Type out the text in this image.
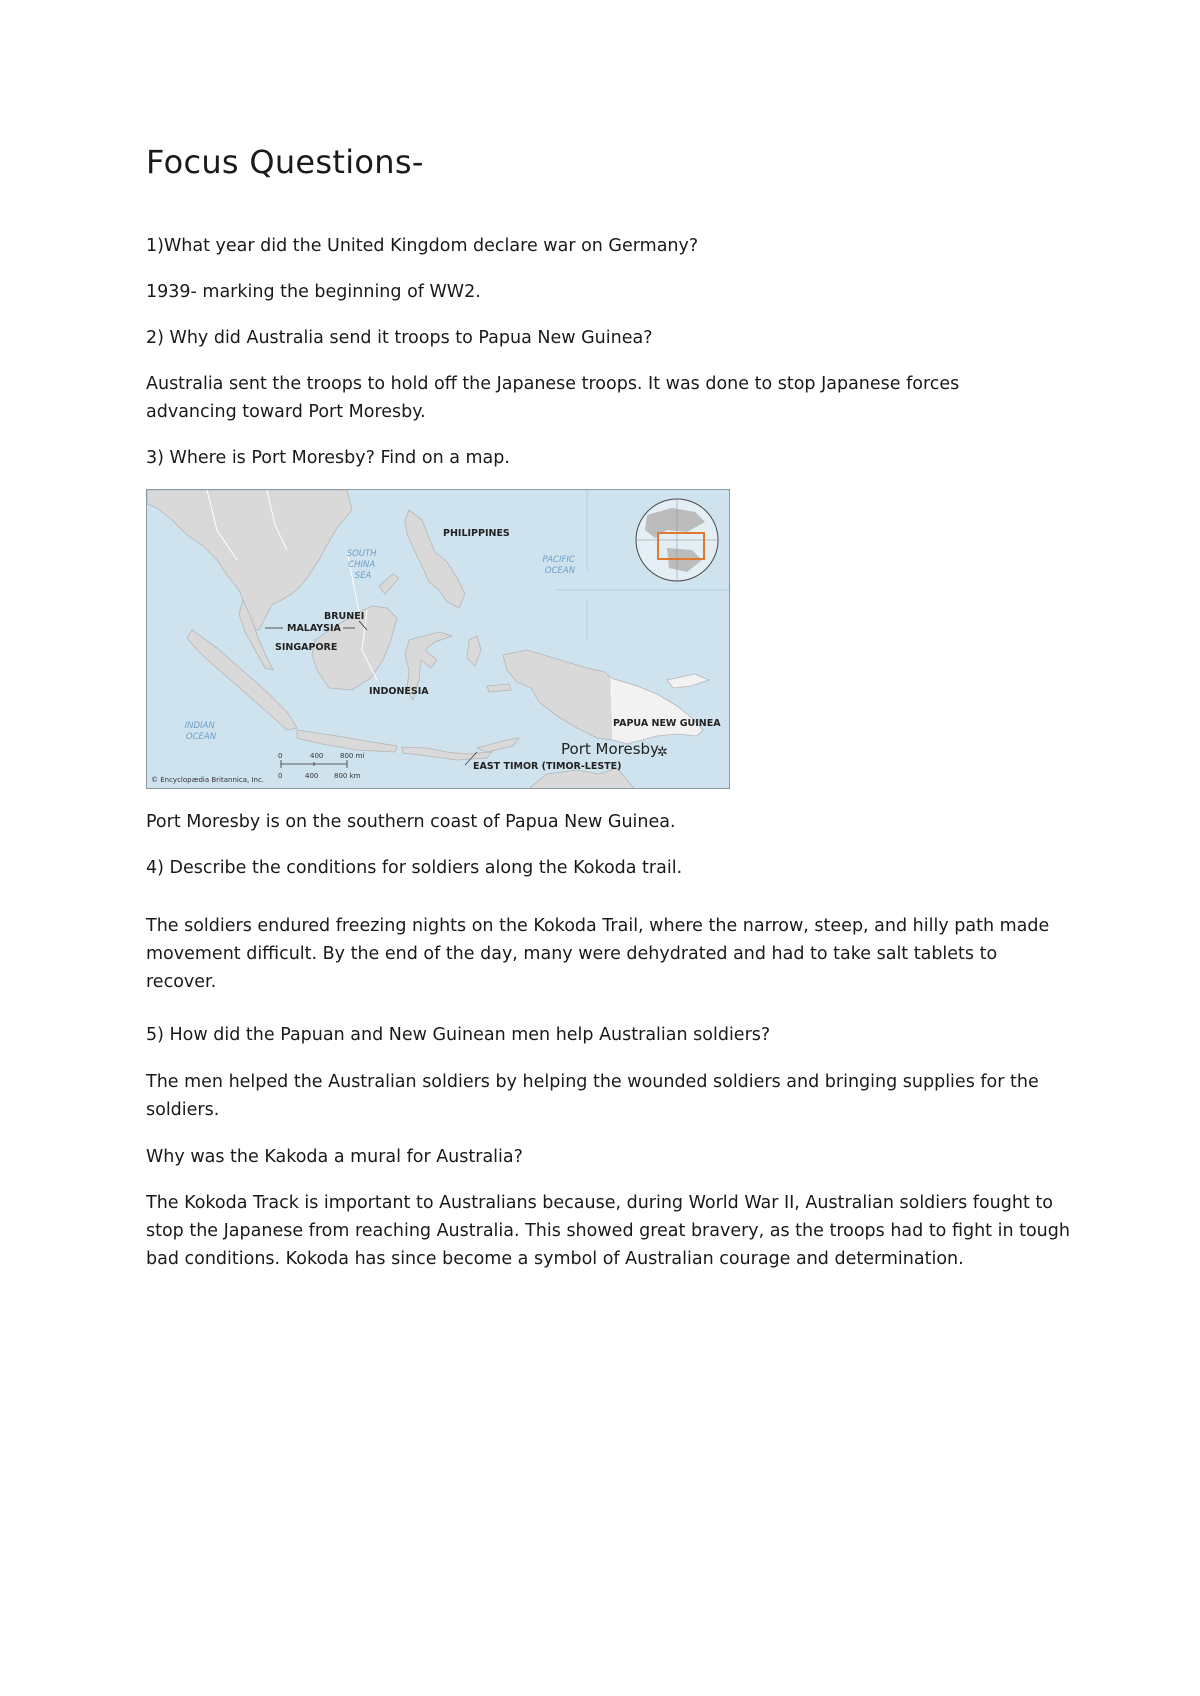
Focus Questions-

1)What year did the United Kingdom declare war on Germany?

1939- marking the beginning of WW2.

2) Why did Australia send it troops to Papua New Guinea?

Australia sent the troops to hold off the Japanese troops. It was done to stop Japanese forces advancing toward Port Moresby.

3) Where is Port Moresby? Find on a map.

PHILIPPINES
SOUTH CHINA SEA
PACIFIC OCEAN
BRUNEI
MALAYSIA
SINGAPORE
INDONESIA
INDIAN OCEAN
PAPUA NEW GUINEA
Port Moresby
✲
EAST TIMOR (TIMOR-LESTE)
0	400 800 mi
0	400 800 km
© Encyclopædia Britannica, Inc.

Port Moresby is on the southern coast of Papua New Guinea.

4) Describe the conditions for soldiers along the Kokoda trail.

The soldiers endured freezing nights on the Kokoda Trail, where the narrow, steep, and hilly path made movement difficult. By the end of the day, many were dehydrated and had to take salt tablets to recover.

5) How did the Papuan and New Guinean men help Australian soldiers?

The men helped the Australian soldiers by helping the wounded soldiers and bringing supplies for the soldiers.

Why was the Kakoda a mural for Australia?

The Kokoda Track is important to Australians because, during World War II, Australian soldiers fought to stop the Japanese from reaching Australia. This showed great bravery, as the troops had to fight in tough bad conditions. Kokoda has since become a symbol of Australian courage and determination.
